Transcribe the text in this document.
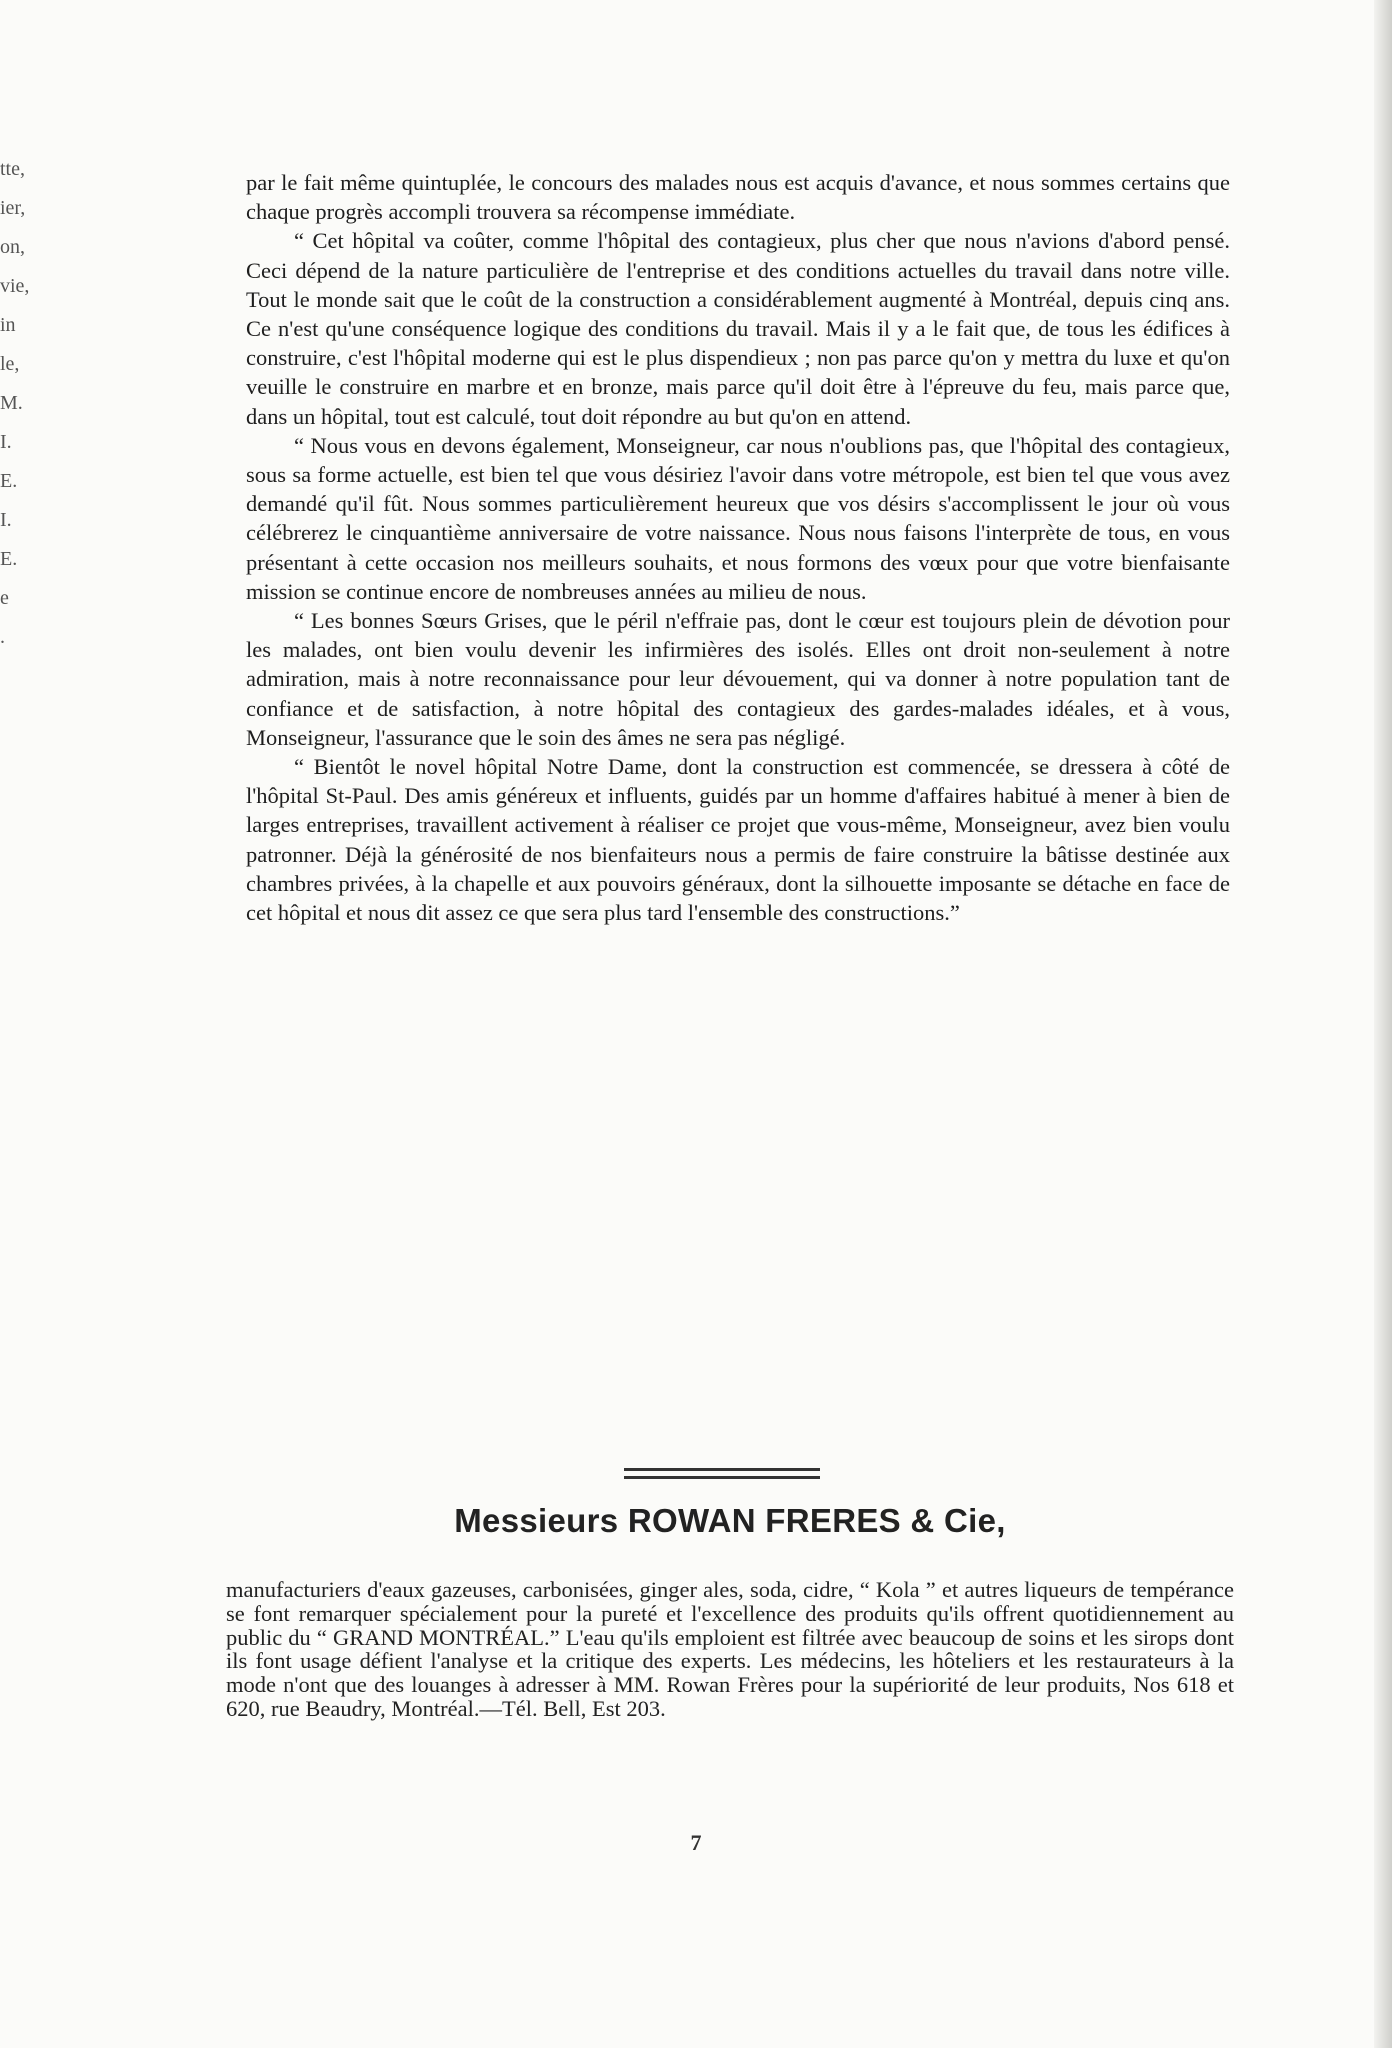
tte,
ier,
on,
vie,
in
le,
M.
I.
E.
I.
E.
e
.

par le fait même quintuplée, le concours des malades nous est acquis d'avance, et nous sommes certains que chaque progrès accompli trouvera sa récompense immédiate.

“ Cet hôpital va coûter, comme l'hôpital des contagieux, plus cher que nous n'avions d'abord pensé. Ceci dépend de la nature particulière de l'entreprise et des conditions actuelles du travail dans notre ville. Tout le monde sait que le coût de la construction a considérablement augmenté à Montréal, depuis cinq ans. Ce n'est qu'une conséquence logique des conditions du travail. Mais il y a le fait que, de tous les édifices à construire, c'est l'hôpital moderne qui est le plus dispendieux ; non pas parce qu'on y mettra du luxe et qu'on veuille le construire en marbre et en bronze, mais parce qu'il doit être à l'épreuve du feu, mais parce que, dans un hôpital, tout est calculé, tout doit répondre au but qu'on en attend.

“ Nous vous en devons également, Monseigneur, car nous n'oublions pas, que l'hôpital des contagieux, sous sa forme actuelle, est bien tel que vous désiriez l'avoir dans votre métropole, est bien tel que vous avez demandé qu'il fût. Nous sommes particulièrement heureux que vos désirs s'accomplissent le jour où vous célébrerez le cinquantième anniversaire de votre naissance. Nous nous faisons l'interprète de tous, en vous présentant à cette occasion nos meilleurs souhaits, et nous formons des vœux pour que votre bienfaisante mission se continue encore de nombreuses années au milieu de nous.

“ Les bonnes Sœurs Grises, que le péril n'effraie pas, dont le cœur est toujours plein de dévotion pour les malades, ont bien voulu devenir les infirmières des isolés. Elles ont droit non-seulement à notre admiration, mais à notre reconnaissance pour leur dévouement, qui va donner à notre population tant de confiance et de satisfaction, à notre hôpital des contagieux des gardes-malades idéales, et à vous, Monseigneur, l'assurance que le soin des âmes ne sera pas négligé.

“ Bientôt le novel hôpital Notre Dame, dont la construction est commencée, se dressera à côté de l'hôpital St-Paul. Des amis généreux et influents, guidés par un homme d'affaires habitué à mener à bien de larges entreprises, travaillent activement à réaliser ce projet que vous-même, Monseigneur, avez bien voulu patronner. Déjà la générosité de nos bienfaiteurs nous a permis de faire construire la bâtisse destinée aux chambres privées, à la chapelle et aux pouvoirs généraux, dont la silhouette imposante se détache en face de cet hôpital et nous dit assez ce que sera plus tard l'ensemble des constructions.”

Messieurs ROWAN FRERES & Cie,

manufacturiers d'eaux gazeuses, carbonisées, ginger ales, soda, cidre, “ Kola ” et autres liqueurs de tempérance se font remarquer spécialement pour la pureté et l'excellence des produits qu'ils offrent quotidiennement au public du “ GRAND MONTRÉAL.” L'eau qu'ils emploient est filtrée avec beaucoup de soins et les sirops dont ils font usage défient l'analyse et la critique des experts. Les médecins, les hôteliers et les restaurateurs à la mode n'ont que des louanges à adresser à MM. Rowan Frères pour la supériorité de leur produits, Nos 618 et 620, rue Beaudry, Montréal.—Tél. Bell, Est 203.

7
